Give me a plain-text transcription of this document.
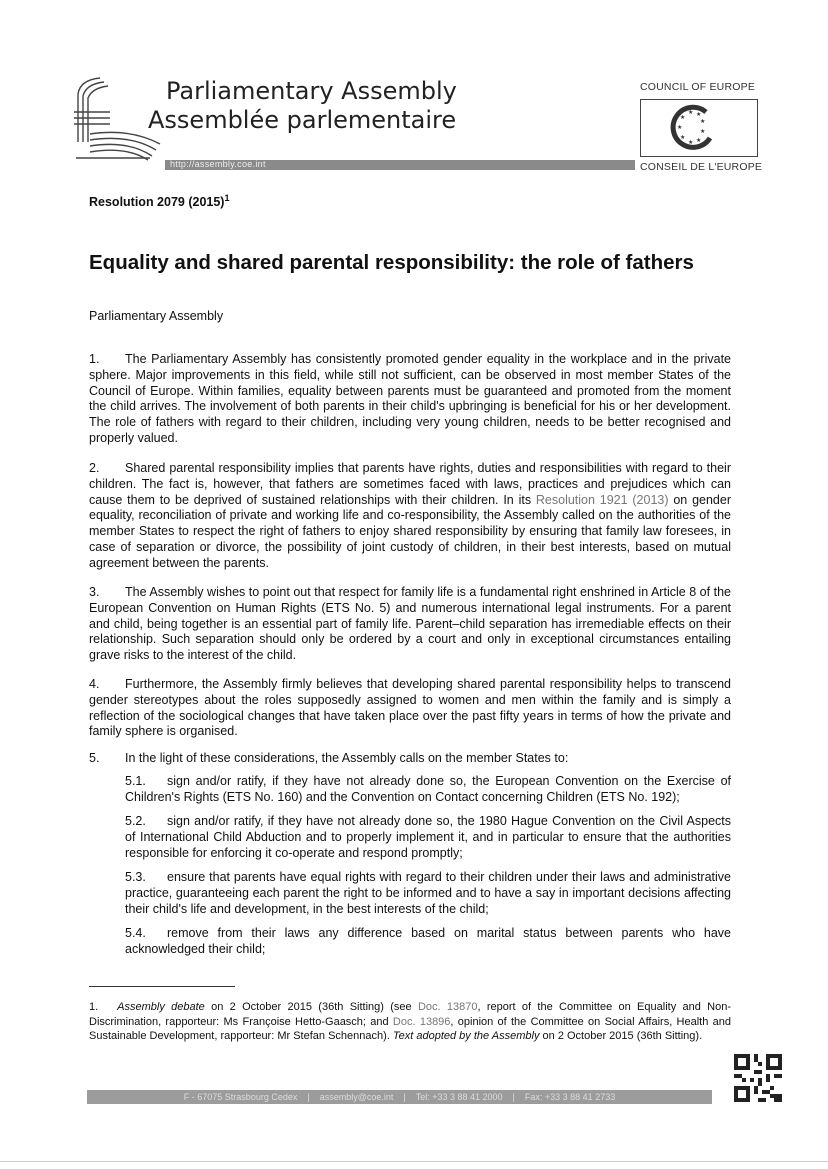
Parliamentary Assembly
Assemblée parlementaire
http://assembly.coe.int
COUNCIL OF EUROPE
★ ★
★
★
★
★ ★
★
★
CONSEIL DE L'EUROPE
Resolution 2079 $(2015)^1$
Equality and shared parental responsibility: the role of fathers
Parliamentary Assembly

1. The Parliamentary Assembly has consistently promoted gender equality in the workplace and in the private sphere. Major improvements in this field, while still not sufficient, can be observed in most member States of the Council of Europe. Within families, equality between parents must be guaranteed and promoted from the moment the child arrives. The involvement of both parents in their child's upbringing is beneficial for his or her development. The role of fathers with regard to their children, including very young children, needs to be better recognised and properly valued.

2. Shared parental responsibility implies that parents have rights, duties and responsibilities with regard to their children. The fact is, however, that fathers are sometimes faced with laws, practices and prejudices which can cause them to be deprived of sustained relationships with their children. In its Resolution 1921 (2013) on gender equality, reconciliation of private and working life and co-responsibility, the Assembly called on the authorities of the member States to respect the right of fathers to enjoy shared responsibility by ensuring that family law foresees, in case of separation or divorce, the possibility of joint custody of children, in their best interests, based on mutual agreement between the parents.

3. The Assembly wishes to point out that respect for family life is a fundamental right enshrined in Article 8 of the European Convention on Human Rights (ETS No. 5) and numerous international legal instruments. For a parent and child, being together is an essential part of family life. Parent–child separation has irremediable effects on their relationship. Such separation should only be ordered by a court and only in exceptional circumstances entailing grave risks to the interest of the child.

4. Furthermore, the Assembly firmly believes that developing shared parental responsibility helps to transcend gender stereotypes about the roles supposedly assigned to women and men within the family and is simply a reflection of the sociological changes that have taken place over the past fifty years in terms of how the private and family sphere is organised.

5. In the light of these considerations, the Assembly calls on the member States to:

5.1. sign and/or ratify, if they have not already done so, the European Convention on the Exercise of Children's Rights (ETS No. 160) and the Convention on Contact concerning Children (ETS No. 192);

5.2. sign and/or ratify, if they have not already done so, the 1980 Hague Convention on the Civil Aspects of International Child Abduction and to properly implement it, and in particular to ensure that the authorities responsible for enforcing it co-operate and respond promptly;

5.3. ensure that parents have equal rights with regard to their children under their laws and administrative practice, guaranteeing each parent the right to be informed and to have a say in important decisions affecting their child's life and development, in the best interests of the child;

5.4. remove from their laws any difference based on marital status between parents who have acknowledged their child;

1. Assembly debate on 2 October 2015 (36th Sitting) (see Doc. 13870, report of the Committee on Equality and Non-Discrimination, rapporteur: Ms Françoise Hetto-Gaasch; and Doc. 13896, opinion of the Committee on Social Affairs, Health and Sustainable Development, rapporteur: Mr Stefan Schennach). Text adopted by the Assembly on 2 October 2015 (36th Sitting).

F - 67075 Strasbourg Cedex | assembly@coe.int | Tel: +33 3 88 41 2000 | Fax: +33 3 88 41 2733
